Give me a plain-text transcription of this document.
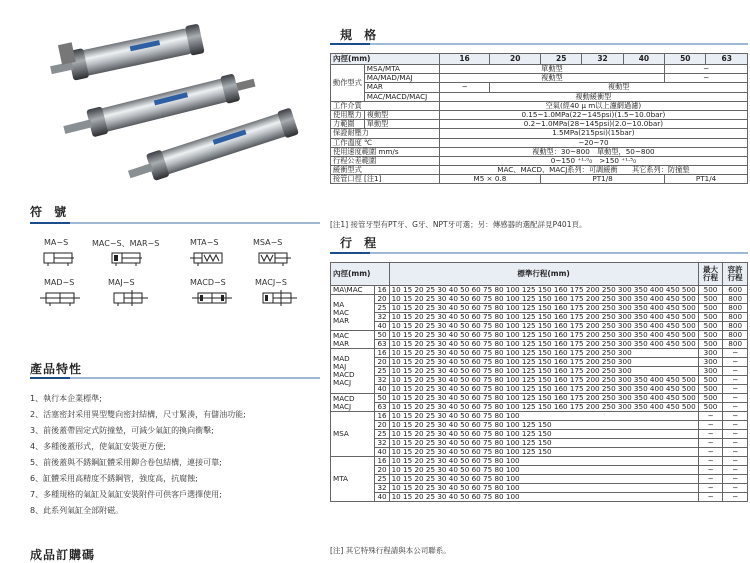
符 號
MA−S	MAC−S、MAR−S	MTA−S	MSA−S
MAD−S	MAJ−S	MACD−S	MACJ−S
產品特性
1、執行本企業標準;
2、活塞密封采用異型雙向密封結構，尺寸緊湊，有儲油功能;
3、前後蓋帶固定式防撞墊，可減少氣缸的換向衝擊;
4、多種後蓋形式，使氣缸安裝更方便;
5、前後蓋與不銹鋼缸體采用鉚合卷包結構，連接可靠;
6、缸體采用高精度不銹鋼管，強度高，抗腐蝕;
7、多種規格的氣缸及氣缸安裝附件可供客戶選擇使用;
8、此系列氣缸全部附磁。
成品訂購碼
規 格
內徑(mm)		16	20	25	32	40	50	63
動作型式	MSA/MTA	單動型					−	
	MA/MAD/MAJ	複動型					−	
	MAR	−	複動型					
	MAC/MACD/MACJ	複動緩衝型						
工作介質		空氣(經40 μ m以上濾網過濾)						
使用壓力	複動型	0.15~1.0MPa(22~145psi)(1.5~10.0bar)						
力範圍	單動型	0.2~1.0MPa(28~145psi)(2.0~10.0bar)						
保證耐壓力		1.5MPa(215psi)(15bar)						
工作溫度 ℃		−20~70						
使用速度範圍 mm/s		複動型：30~800　單動型，50~800						
行程公差範圍		0~150 ⁺¹·⁰₀　>150 ⁺¹·⁵₀						
緩衝型式		MAC、MACD、MACJ系列：可調緩衝　　其它系列：防撞墊						
接管口徑 [注1]		M5 × 0.8		PT1/8			PT1/4	
[注1] 接管牙型有PT牙、G牙、NPT牙可選；另：傳感器的選配詳見P401頁。
行 程
內徑(mm)		標準行程(mm)	最大行程	容許行程
MA\MAC	16	10 15 20 25 30 40 50 60 75 80 100 125 150 160 175 200 250 300 350 400 450 500	500	600
MA
MAC
MAR	20	10 15 20 25 30 40 50 60 75 80 100 125 150 160 175 200 250 300 350 400 450 500	500	800
	25	10 15 20 25 30 40 50 60 75 80 100 125 150 160 175 200 250 300 350 400 450 500	500	800
	32	10 15 20 25 30 40 50 60 75 80 100 125 150 160 175 200 250 300 350 400 450 500	500	800
	40	10 15 20 25 30 40 50 60 75 80 100 125 150 160 175 200 250 300 350 400 450 500	500	800
MAC
MAR	50	10 15 20 25 30 40 50 60 75 80 100 125 150 160 175 200 250 300 350 400 450 500	500	800
	63	10 15 20 25 30 40 50 60 75 80 100 125 150 160 175 200 250 300 350 400 450 500	500	800
MAD
MAJ
MACD
MACJ	16	10 15 20 25 30 40 50 60 75 80 100 125 150 160 175 200 250 300	300	−
	20	10 15 20 25 30 40 50 60 75 80 100 125 150 160 175 200 250 300	300	−
	25	10 15 20 25 30 40 50 60 75 80 100 125 150 160 175 200 250 300	300	−
	32	10 15 20 25 30 40 50 60 75 80 100 125 150 160 175 200 250 300 350 400 450 500	500	−
	40	10 15 20 25 30 40 50 60 75 80 100 125 150 160 175 200 250 300 350 400 450 500	500	−
MACD
MACJ	50	10 15 20 25 30 40 50 60 75 80 100 125 150 160 175 200 250 300 350 400 450 500	500	−
	63	10 15 20 25 30 40 50 60 75 80 100 125 150 160 175 200 250 300 350 400 450 500	500	−
MSA	16	10 15 20 25 30 40 50 60 75 80 100	−	−
	20	10 15 20 25 30 40 50 60 75 80 100 125 150	−	−
	25	10 15 20 25 30 40 50 60 75 80 100 125 150	−	−
	32	10 15 20 25 30 40 50 60 75 80 100 125 150	−	−
	40	10 15 20 25 30 40 50 60 75 80 100 125 150	−	−
MTA	16	10 15 20 25 30 40 50 60 75 80 100	−	−
	20	10 15 20 25 30 40 50 60 75 80 100	−	−
	25	10 15 20 25 30 40 50 60 75 80 100	−	−
	32	10 15 20 25 30 40 50 60 75 80 100	−	−
	40	10 15 20 25 30 40 50 60 75 80 100	−	−
[注] 其它特殊行程請與本公司聯系。
